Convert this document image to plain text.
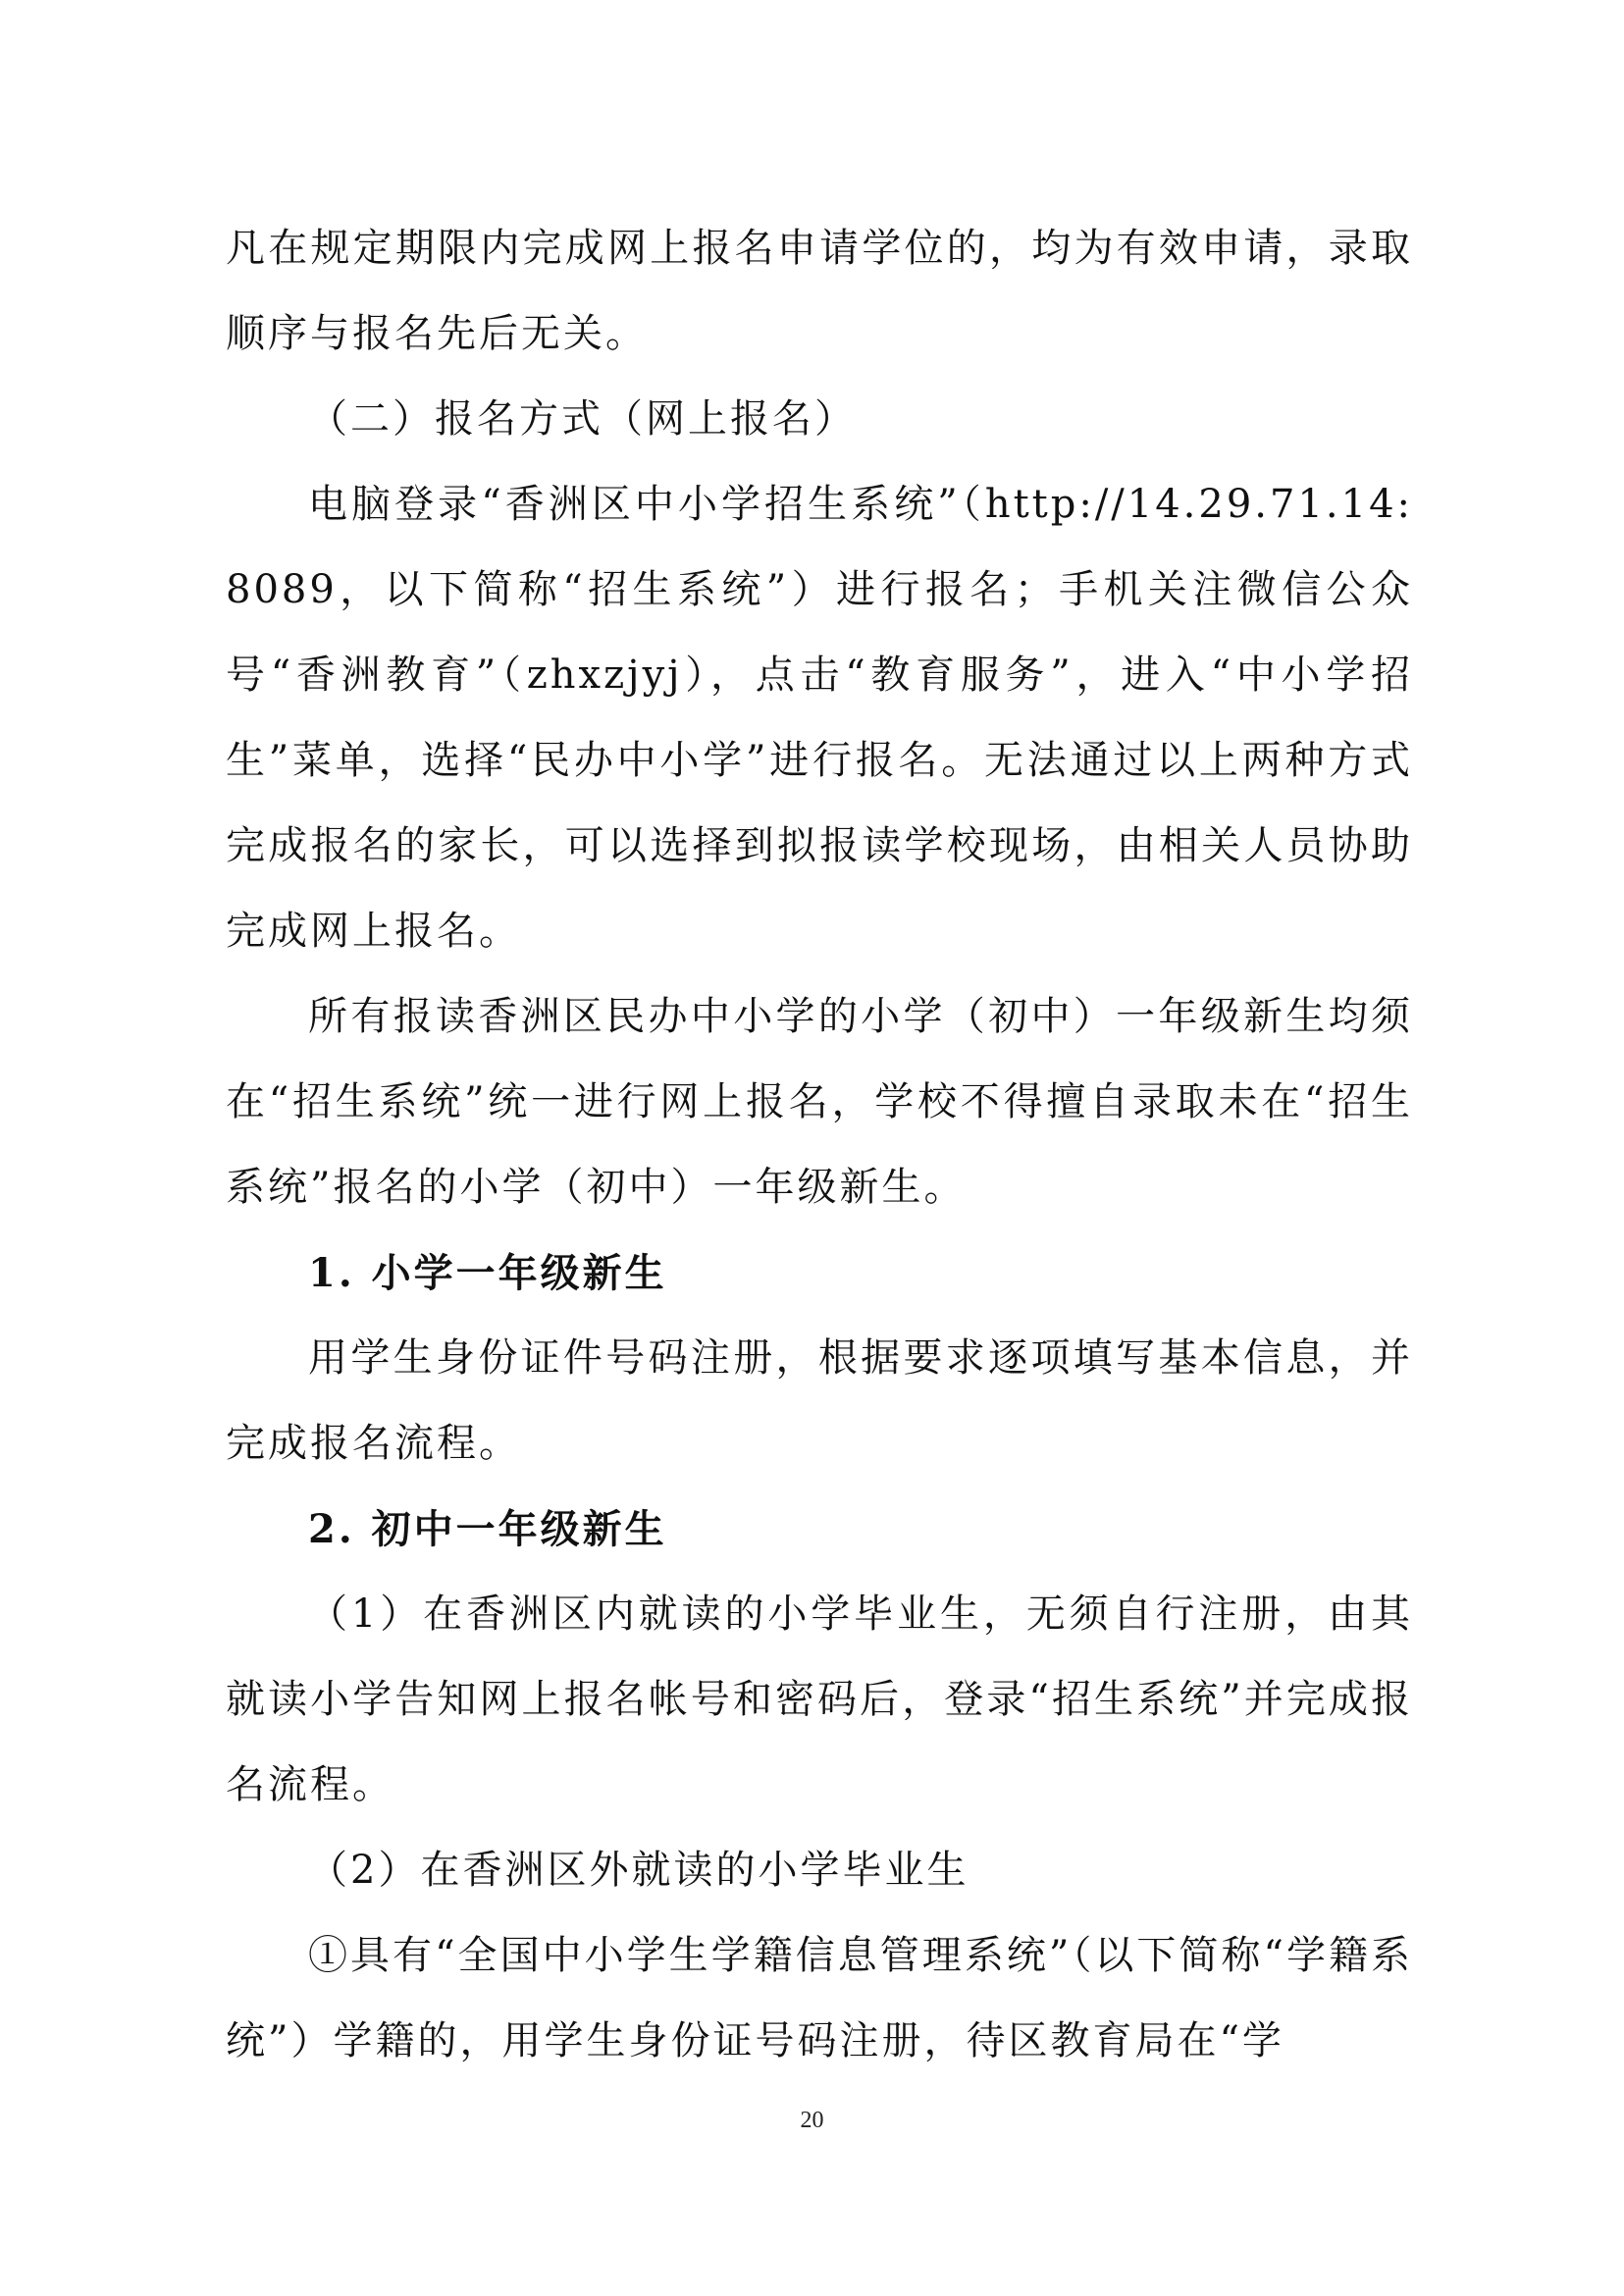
凡在规定期限内完成网上报名申请学位的，均为有效申请，录取顺序与报名先后无关。

（二）报名方式（网上报名）

电脑登录“香洲区中小学招生系统”（http://14.29.71.14:8089，以下简称“招生系统”）进行报名；手机关注微信公众号“香洲教育”（zhxzjyj），点击“教育服务”，进入“中小学招生”菜单，选择“民办中小学”进行报名。无法通过以上两种方式完成报名的家长，可以选择到拟报读学校现场，由相关人员协助完成网上报名。

所有报读香洲区民办中小学的小学（初中）一年级新生均须在“招生系统”统一进行网上报名，学校不得擅自录取未在“招生系统”报名的小学（初中）一年级新生。

1. 小学一年级新生

用学生身份证件号码注册，根据要求逐项填写基本信息，并完成报名流程。

2. 初中一年级新生

（1）在香洲区内就读的小学毕业生，无须自行注册，由其就读小学告知网上报名帐号和密码后，登录“招生系统”并完成报名流程。

（2）在香洲区外就读的小学毕业生

①具有“全国中小学生学籍信息管理系统”（以下简称“学籍系统”）学籍的，用学生身份证号码注册，待区教育局在“学

20
